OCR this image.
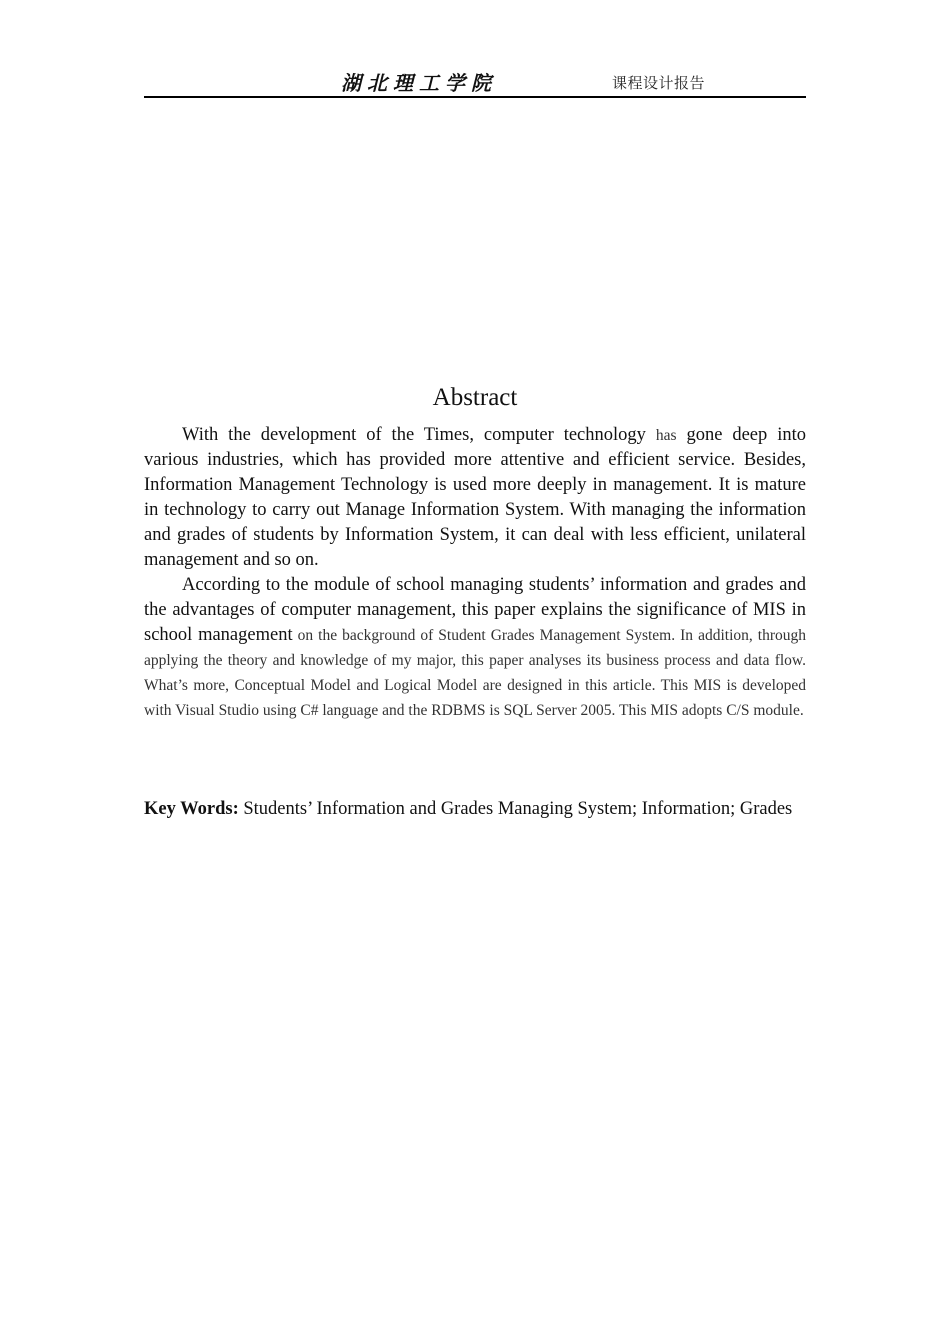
湖北理工学院	课程设计报告
Abstract

With the development of the Times, computer technology has gone deep into various industries, which has provided more attentive and efficient service. Besides, Information Management Technology is used more deeply in management. It is mature in technology to carry out Manage Information System. With managing the information and grades of students by Information System, it can deal with less efficient, unilateral management and so on.

According to the module of school managing students’ information and grades and the advantages of computer management, this paper explains the significance of MIS in school management on the background of Student Grades Management System. In addition, through applying the theory and knowledge of my major, this paper analyses its business process and data flow. What’s more, Conceptual Model and Logical Model are designed in this article. This MIS is developed with Visual Studio using C# language and the RDBMS is SQL Server 2005. This MIS adopts C/S module.

Key Words: Students’ Information and Grades Managing System; Information; Grades
